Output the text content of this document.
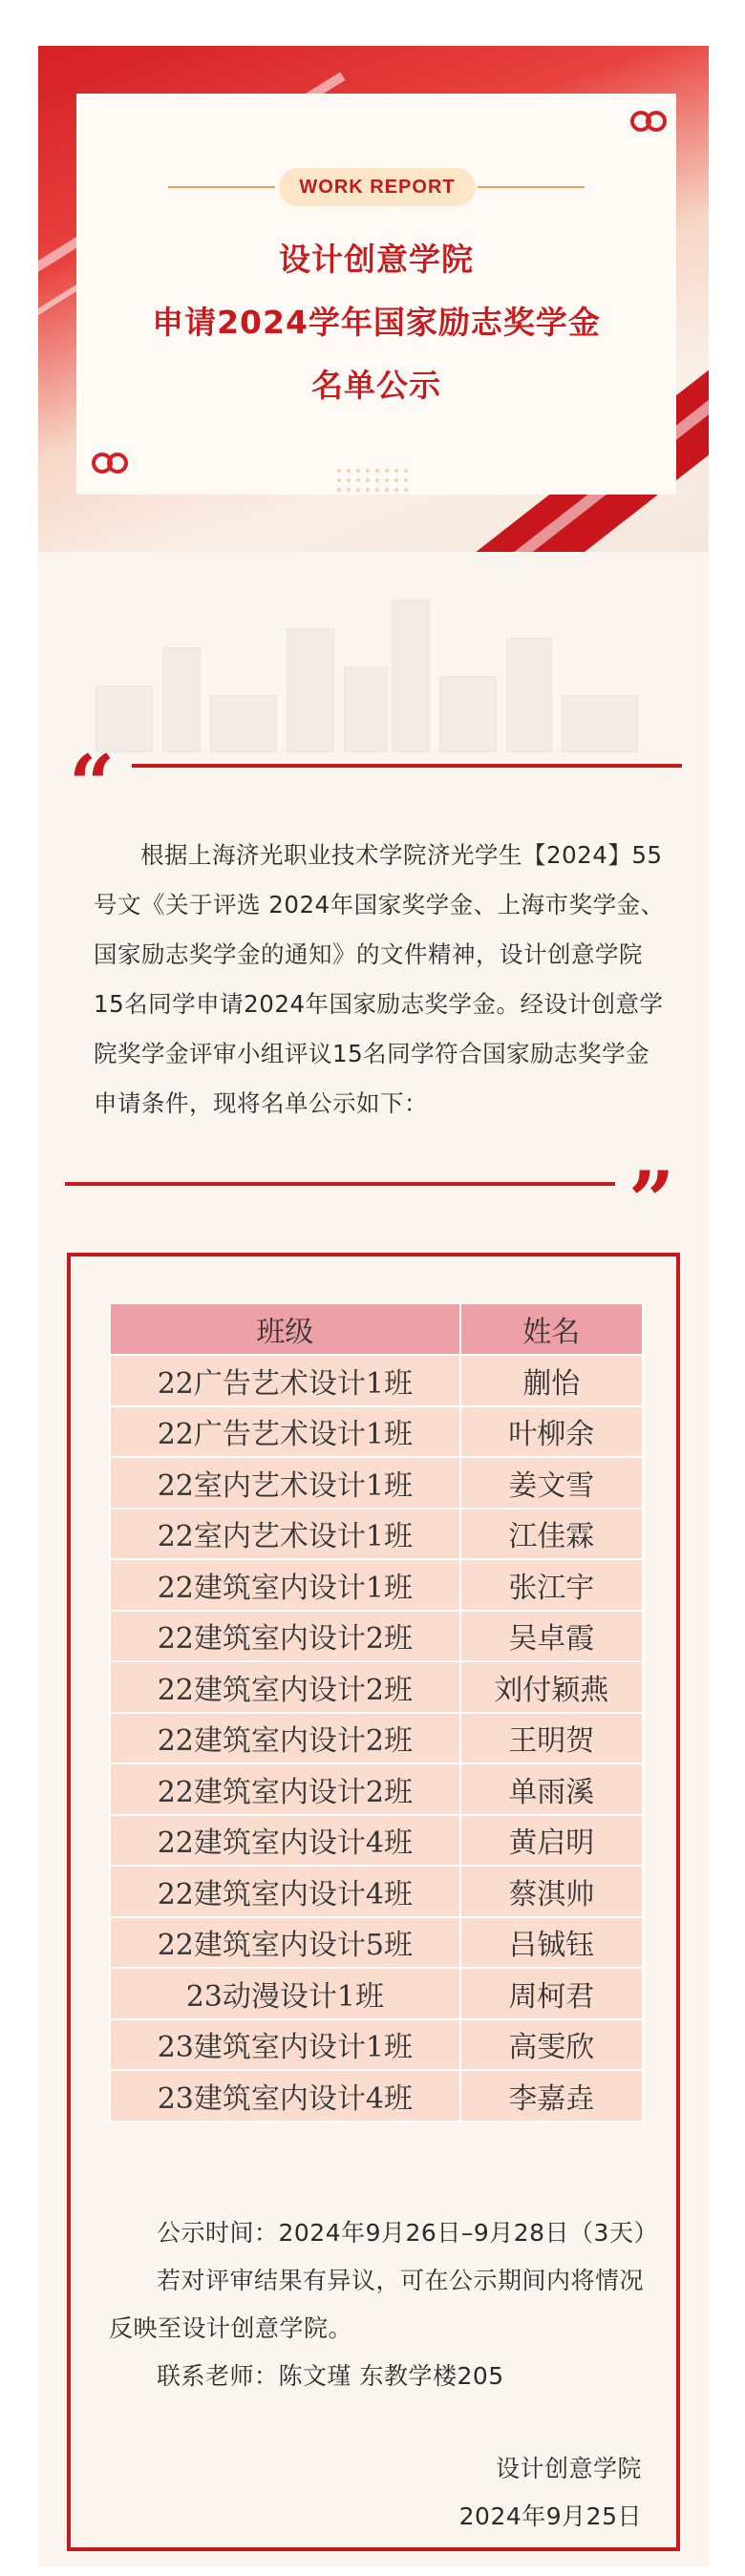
WORK REPORT
设计创意学院
申请2024学年国家励志奖学金
名单公示
“
根据上海济光职业技术学院济光学生【2024】55号文《关于评选 2024年国家奖学金、上海市奖学金、国家励志奖学金的通知》的文件精神，设计创意学院15名同学申请2024年国家励志奖学金。经设计创意学院奖学金评审小组评议15名同学符合国家励志奖学金申请条件，现将名单公示如下：
”
班级	姓名
22广告艺术设计1班	蒯怡
22广告艺术设计1班	叶柳余
22室内艺术设计1班	姜文雪
22室内艺术设计1班	江佳霖
22建筑室内设计1班	张江宇
22建筑室内设计2班	吴卓霞
22建筑室内设计2班	刘付颖燕
22建筑室内设计2班	王明贺
22建筑室内设计2班	单雨溪
22建筑室内设计4班	黄启明
22建筑室内设计4班	蔡淇帅
22建筑室内设计5班	吕铖钰
23动漫设计1班	周柯君
23建筑室内设计1班	高雯欣
23建筑室内设计4班	李嘉垚

公示时间：2024年9月26日–9月28日（3天）

若对评审结果有异议，可在公示期间内将情况反映至设计创意学院。

联系老师：陈文瑾 东教学楼205

设计创意学院
2024年9月25日
